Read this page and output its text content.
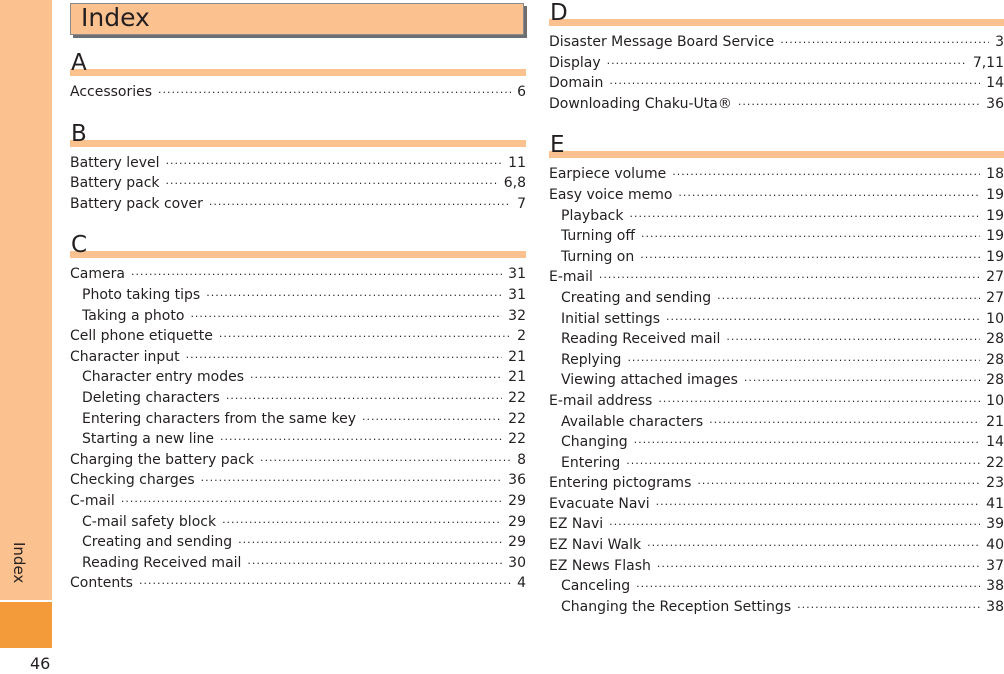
Index
46
Index
A
Accessories ·····	6
B
Battery level ·····	11
Battery pack ·····	6,8
Battery pack cover ·····	7
C
Camera ·····	31
Photo taking tips ·····	31
Taking a photo ·····	32
Cell phone etiquette ·····	2
Character input ·····	21
Character entry modes ·····	21
Deleting characters ·····	22
Entering characters from the same key ·····	22
Starting a new line ·····	22
Charging the battery pack ·····	8
Checking charges ·····	36
C-mail ·····	29
C-mail safety block ·····	29
Creating and sending ·····	29
Reading Received mail ·····	30
Contents ·····	4
D
Disaster Message Board Service ·····	3
Display ·····	7,11
Domain ·····	14
Downloading Chaku-Uta® ·····	36
E
Earpiece volume ·····	18
Easy voice memo ·····	19
Playback ·····	19
Turning off ·····	19
Turning on ·····	19
E-mail ·····	27
Creating and sending ·····	27
Initial settings ·····	10
Reading Received mail ·····	28
Replying ·····	28
Viewing attached images ·····	28
E-mail address ·····	10
Available characters ·····	21
Changing ·····	14
Entering ·····	22
Entering pictograms ·····	23
Evacuate Navi ·····	41
EZ Navi ·····	39
EZ Navi Walk ·····	40
EZ News Flash ·····	37
Canceling ·····	38
Changing the Reception Settings ·····	38
